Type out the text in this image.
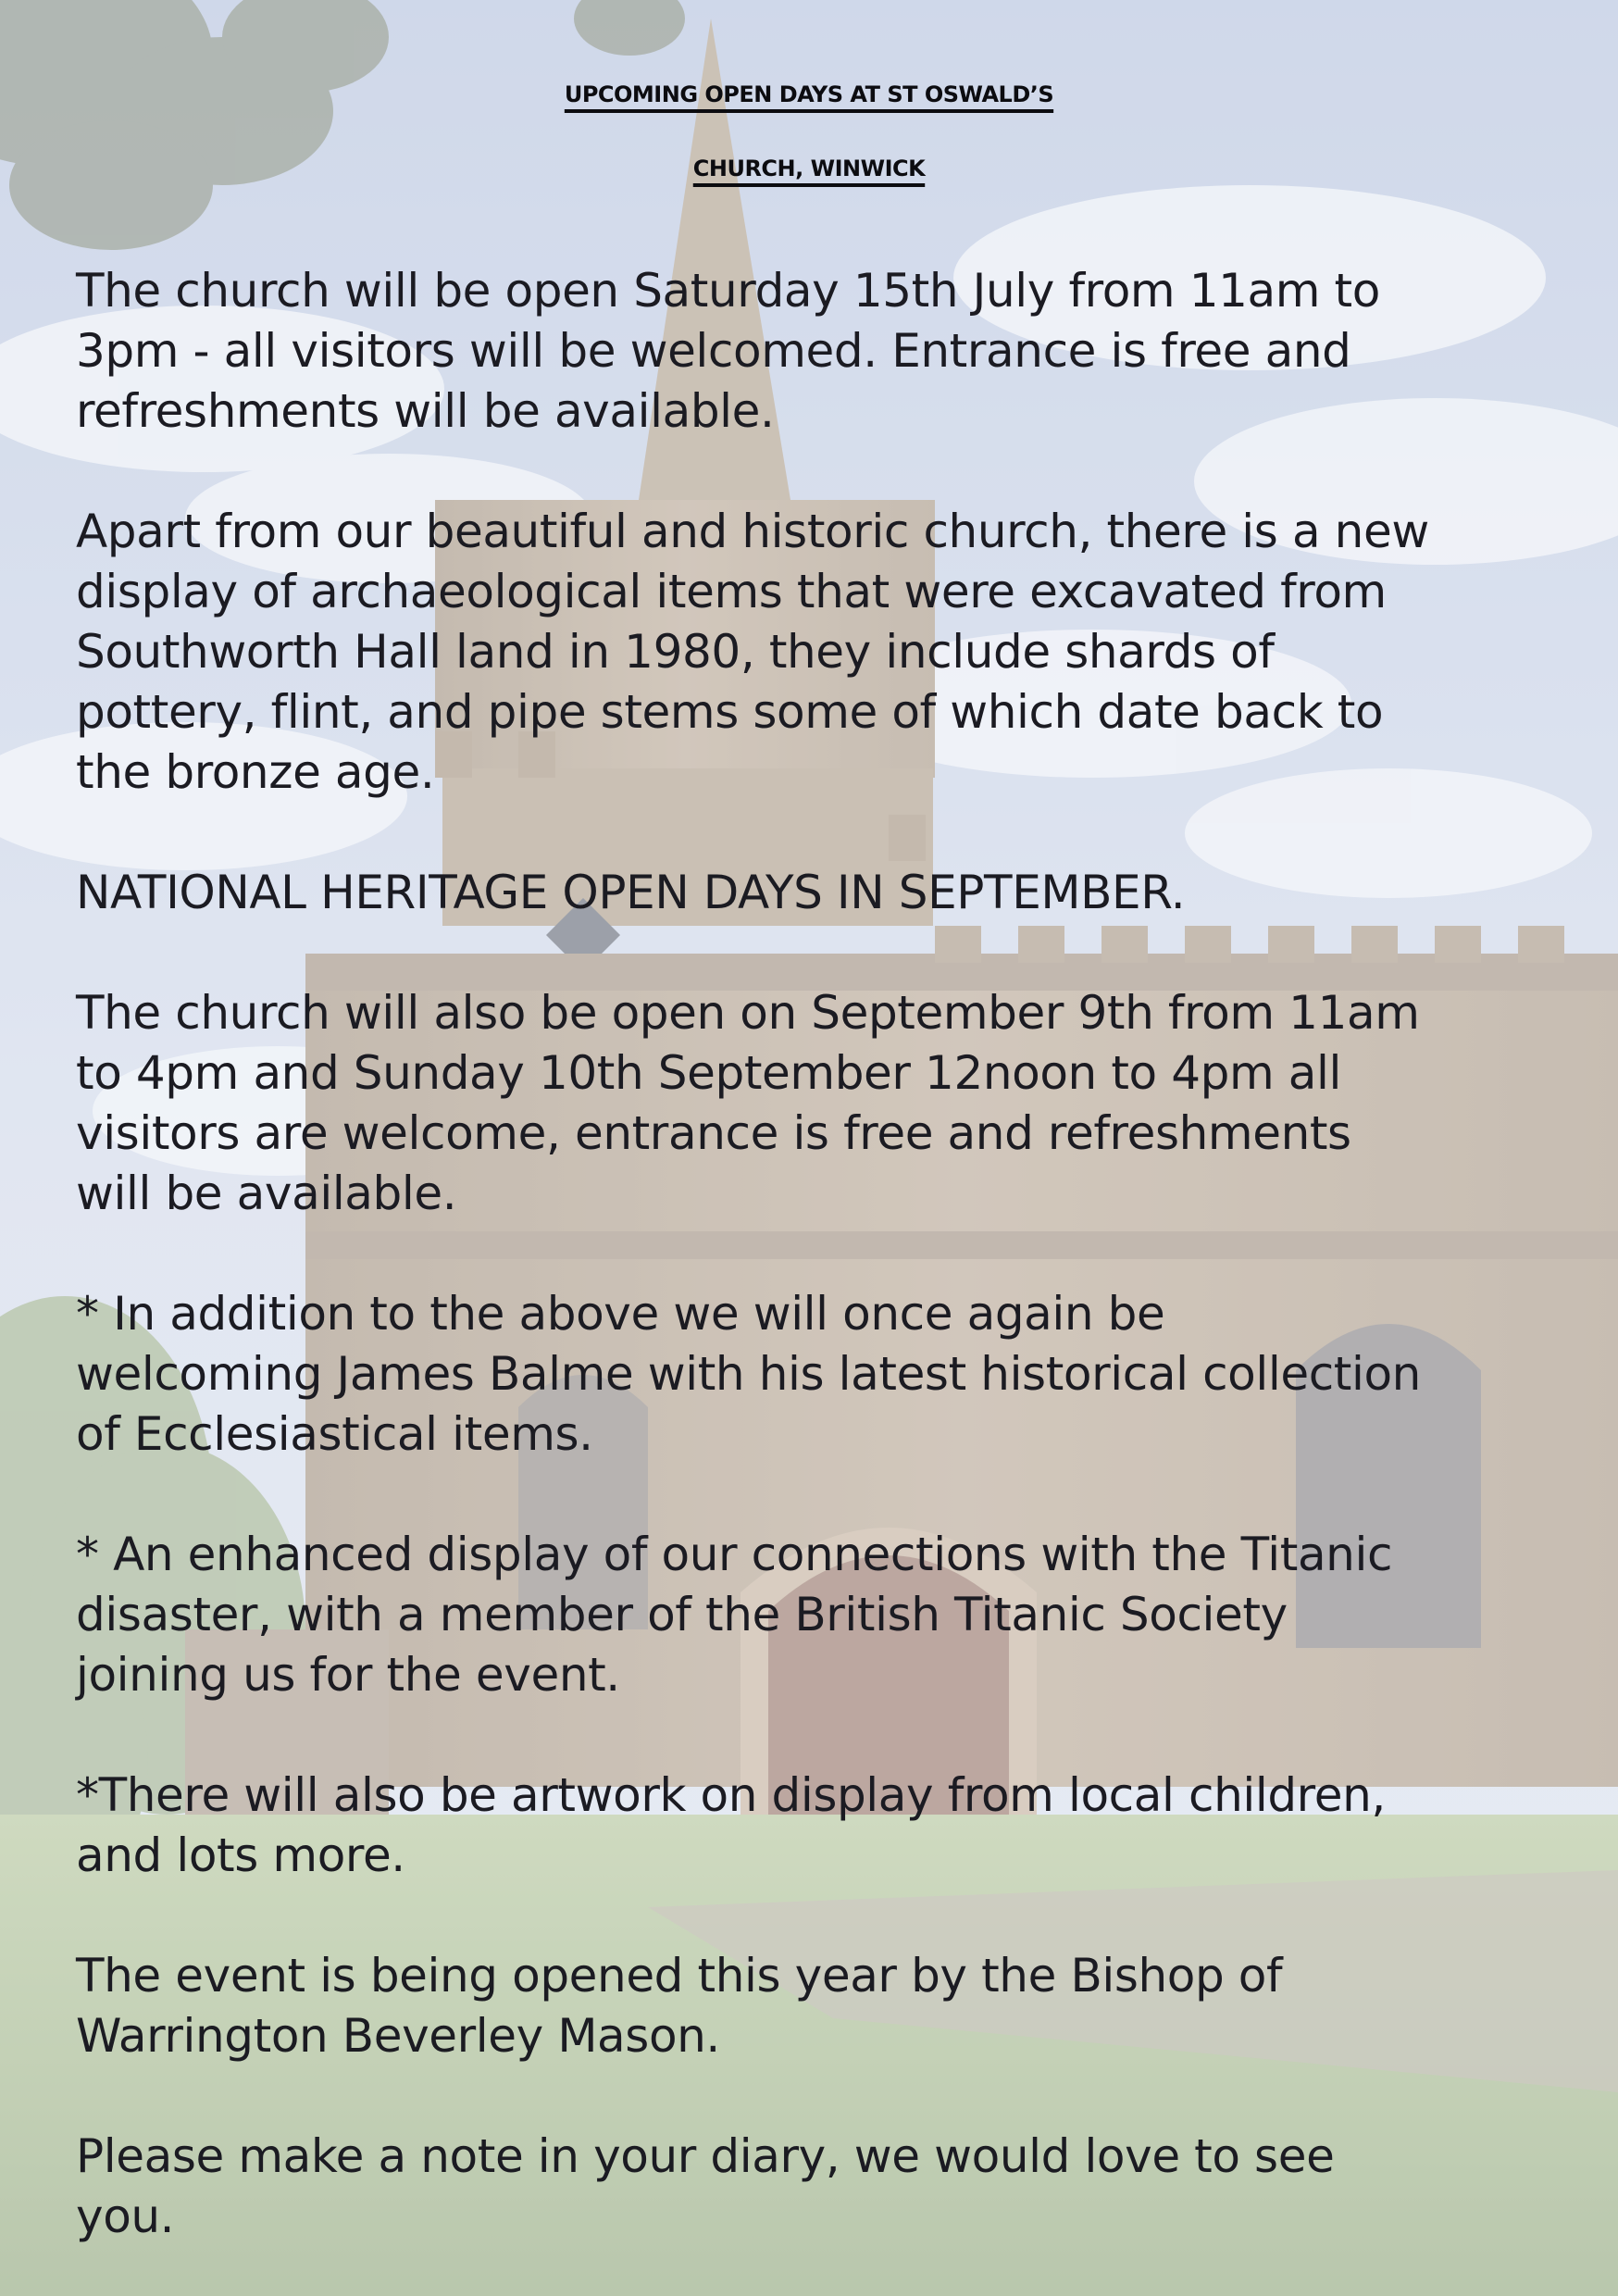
UPCOMING OPEN DAYS AT ST OSWALD’S
CHURCH, WINWICK
The church will be open Saturday 15th July from 11am to
3pm - all visitors will be welcomed. Entrance is free and
refreshments will be available.
Apart from our beautiful and historic church, there is a new
display of archaeological items that were excavated from
Southworth Hall land in 1980, they include shards of
pottery, flint, and pipe stems some of which date back to
the bronze age.
NATIONAL HERITAGE OPEN DAYS IN SEPTEMBER.
The church will also be open on September 9th from 11am
to 4pm and Sunday 10th September 12noon to 4pm all
visitors are welcome, entrance is free and refreshments
will be available.
* In addition to the above we will once again be
welcoming James Balme with his latest historical collection
of Ecclesiastical items.
* An enhanced display of our connections with the Titanic
disaster, with a member of the British Titanic Society
joining us for the event.
*There will also be artwork on display from local children,
and lots more.
The event is being opened this year by the Bishop of
Warrington Beverley Mason.
Please make a note in your diary, we would love to see
you.
